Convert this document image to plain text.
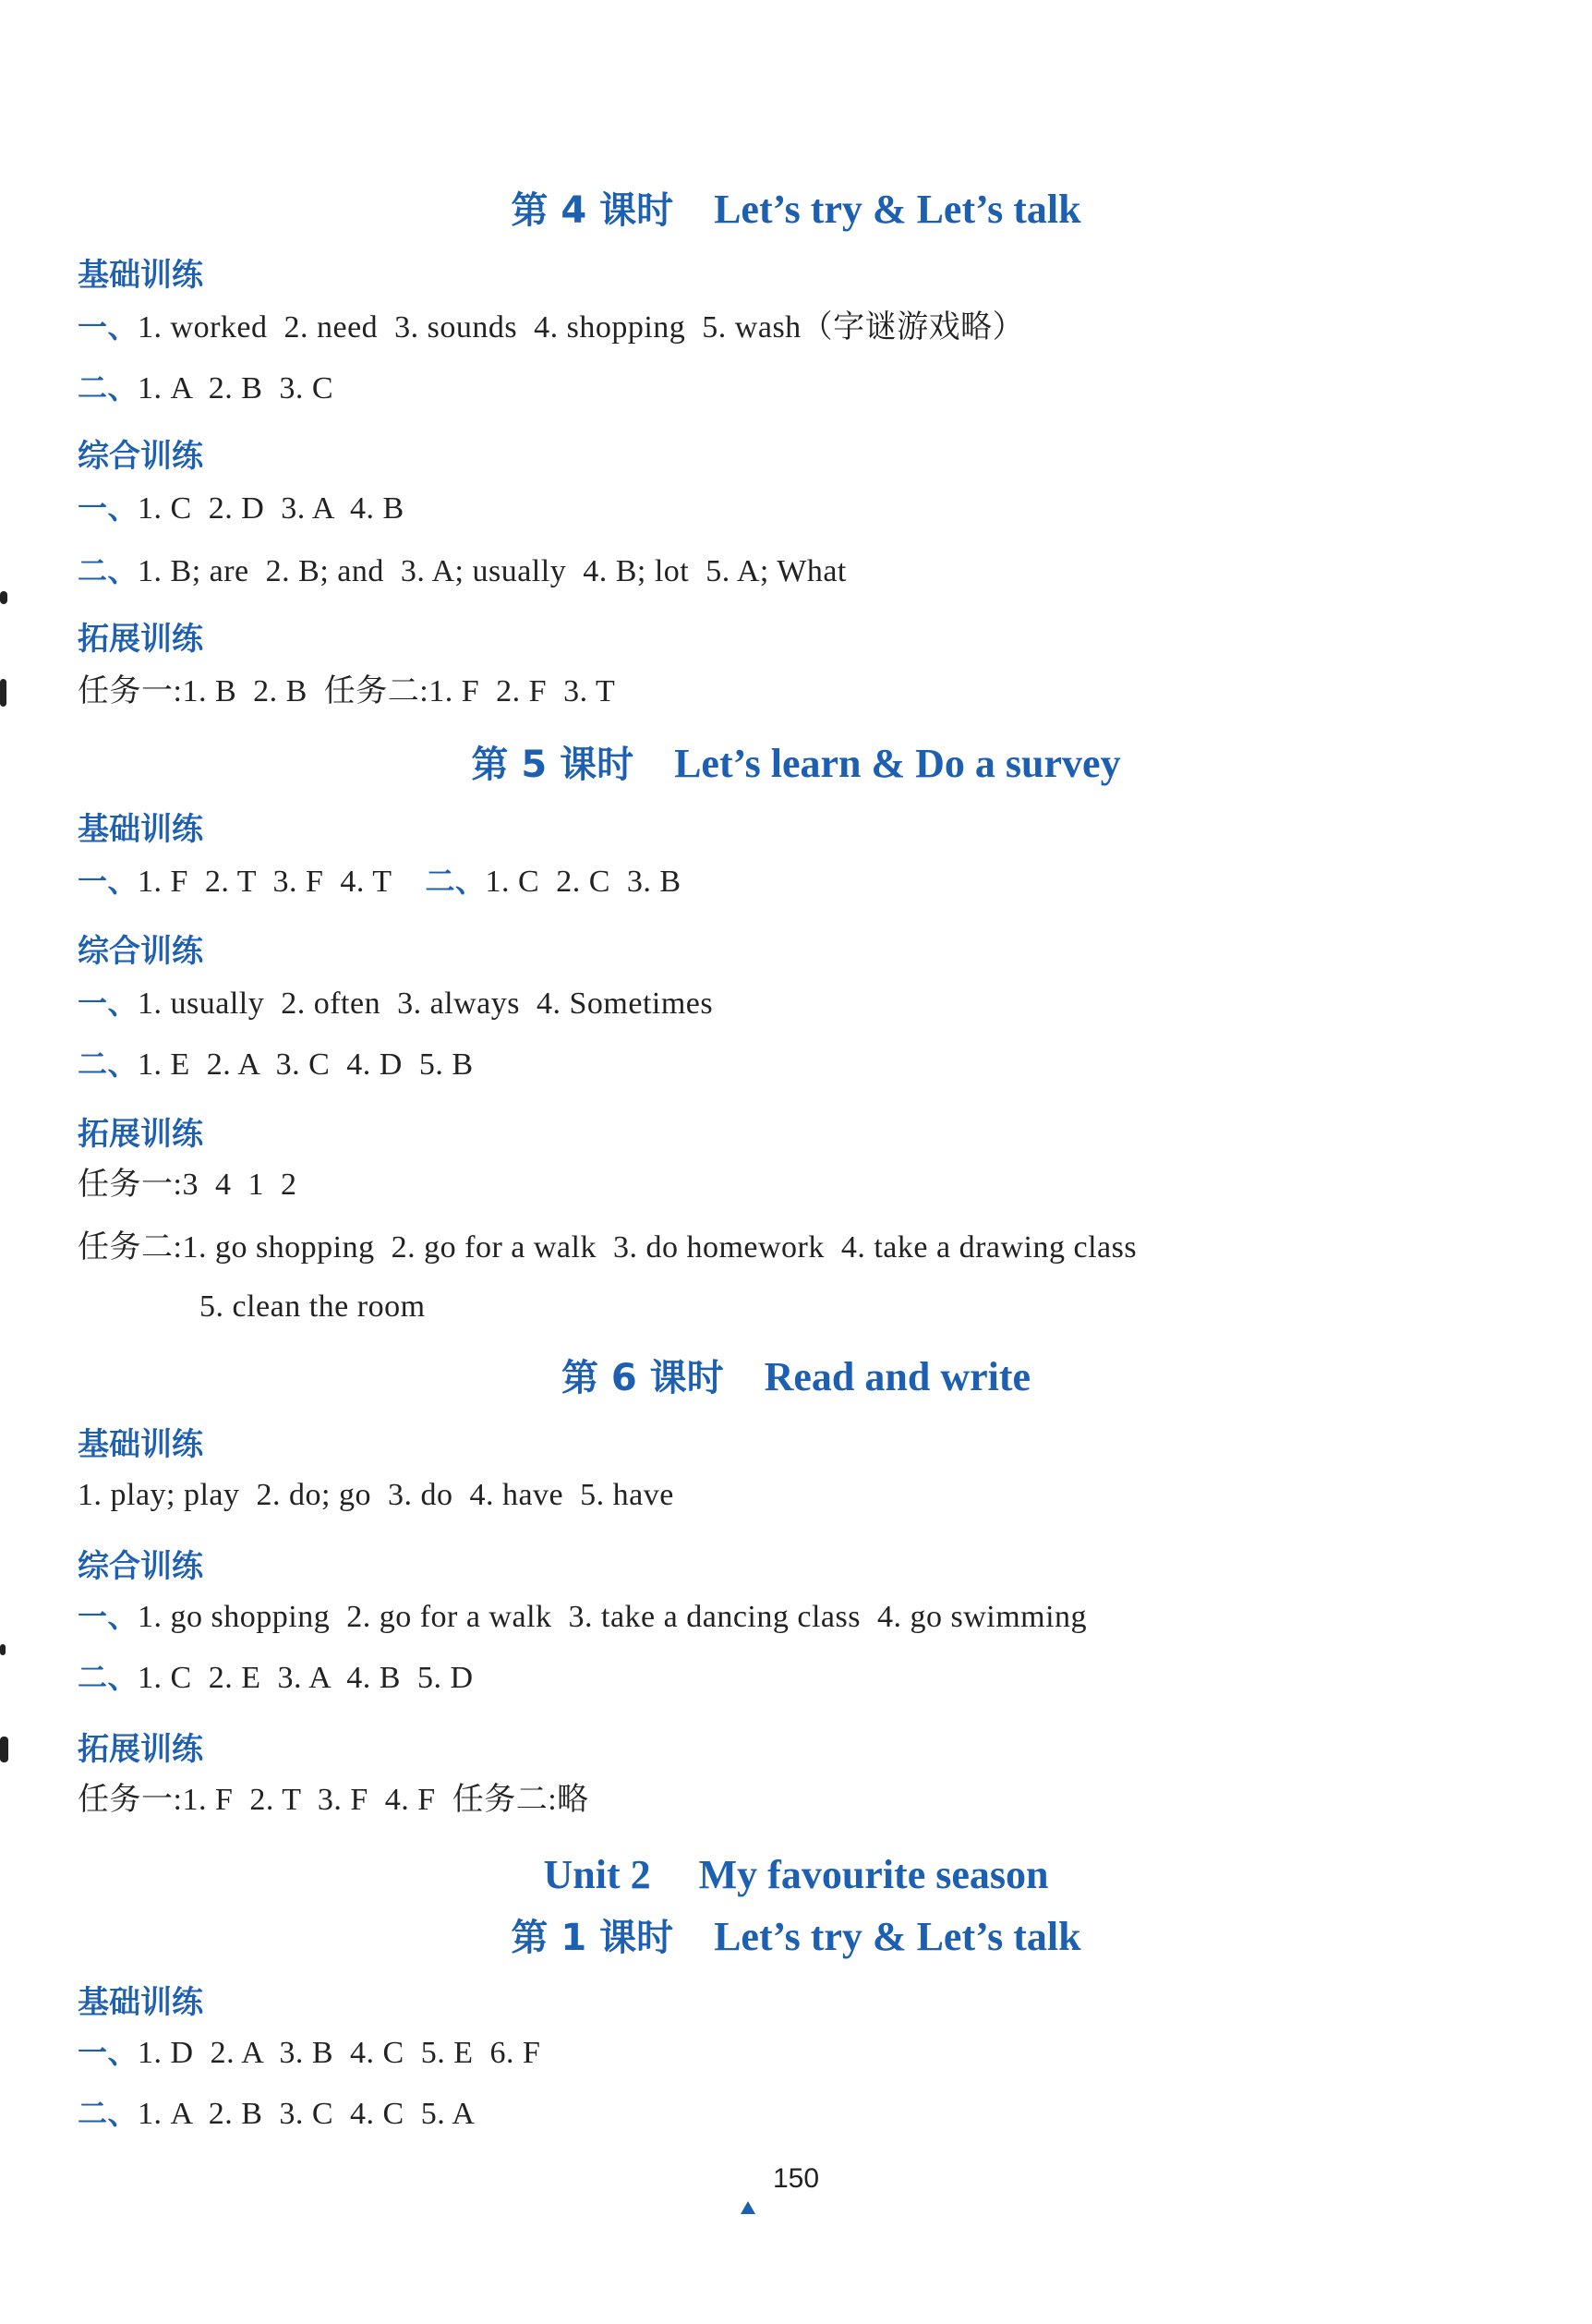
第 4 课时 Let’s try & Let’s talk
基础训练
一、1. worked  2. need  3. sounds  4. shopping  5. wash（字谜游戏略）
二、1. A  2. B  3. C
综合训练
一、1. C  2. D  3. A  4. B
二、1. B; are  2. B; and  3. A; usually  4. B; lot  5. A; What
拓展训练
任务一:1. B  2. B  任务二:1. F  2. F  3. T
第 5 课时 Let’s learn & Do a survey
基础训练
一、1. F  2. T  3. F  4. T 二、1. C  2. C  3. B
综合训练
一、1. usually  2. often  3. always  4. Sometimes
二、1. E  2. A  3. C  4. D  5. B
拓展训练
任务一:3  4  1  2
任务二:1. go shopping  2. go for a walk  3. do homework  4. take a drawing class
5. clean the room
第 6 课时 Read and write
基础训练
1. play; play  2. do; go  3. do  4. have  5. have
综合训练
一、1. go shopping  2. go for a walk  3. take a dancing class  4. go swimming
二、1. C  2. E  3. A  4. B  5. D
拓展训练
任务一:1. F  2. T  3. F  4. F  任务二:略
Unit 2 My favourite season
第 1 课时 Let’s try & Let’s talk
基础训练
一、1. D  2. A  3. B  4. C  5. E  6. F
二、1. A  2. B  3. C  4. C  5. A
150
